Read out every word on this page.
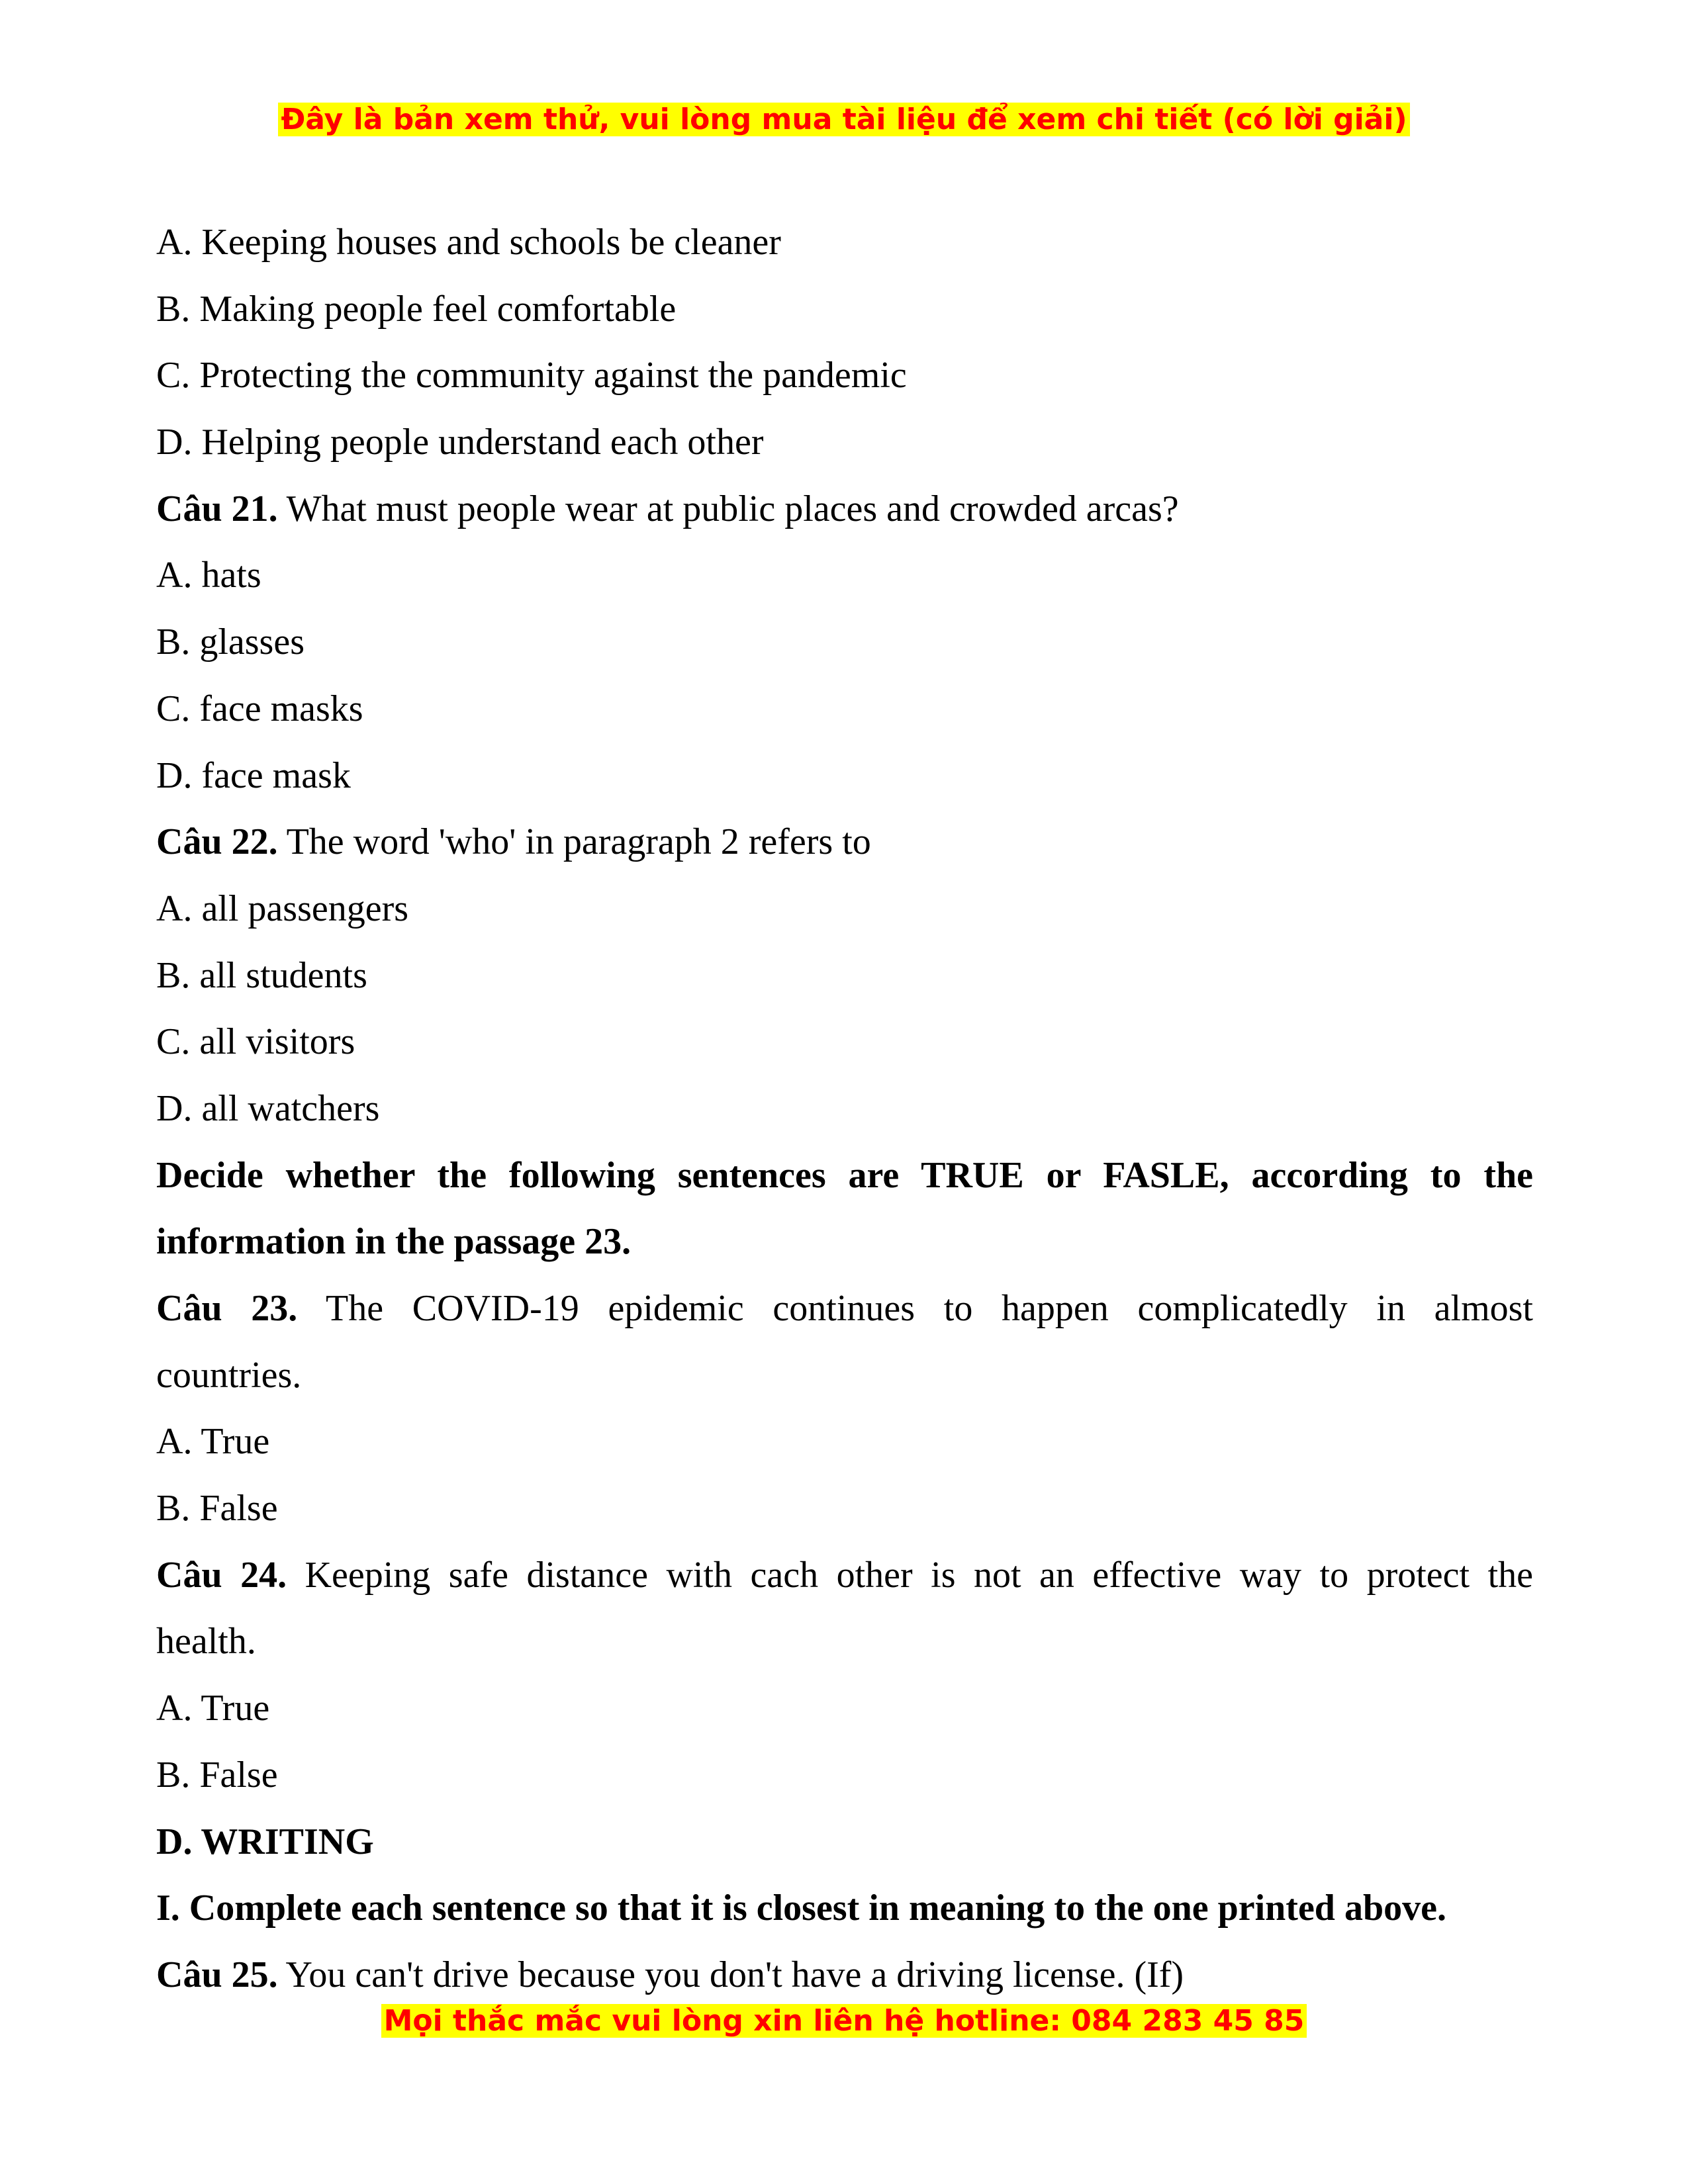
Đây là bản xem thử, vui lòng mua tài liệu để xem chi tiết (có lời giải)
A. Keeping houses and schools be cleaner
B. Making people feel comfortable
C. Protecting the community against the pandemic
D. Helping people understand each other
Câu 21. What must people wear at public places and crowded arcas?
A. hats
B. glasses
C. face masks
D. face mask
Câu 22. The word 'who' in paragraph 2 refers to
A. all passengers
B. all students
C. all visitors
D. all watchers
Decide whether the following sentences are TRUE or FASLE, according to the
information in the passage 23.
Câu 23. The COVID-19 epidemic continues to happen complicatedly in almost
countries.
A. True
B. False
Câu 24. Keeping safe distance with cach other is not an effective way to protect the
health.
A. True
B. False
D. WRITING
I. Complete each sentence so that it is closest in meaning to the one printed above.
Câu 25. You can't drive because you don't have a driving license. (If)
Mọi thắc mắc vui lòng xin liên hệ hotline: 084 283 45 85
